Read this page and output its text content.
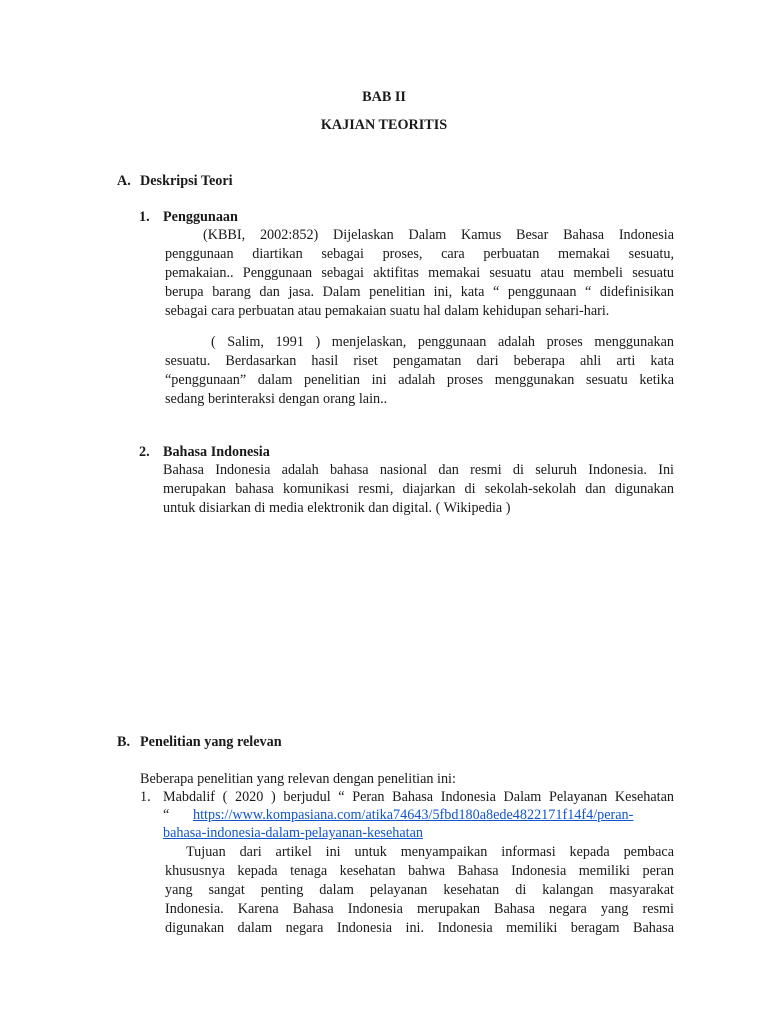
BAB II
KAJIAN TEORITIS
A. Deskripsi Teori
1. Penggunaan
(KBBI, 2002:852) Dijelaskan Dalam Kamus Besar Bahasa Indonesia
penggunaan diartikan sebagai proses, cara perbuatan memakai sesuatu,
pemakaian.. Penggunaan sebagai aktifitas memakai sesuatu atau membeli sesuatu
berupa barang dan jasa. Dalam penelitian ini, kata “ penggunaan “ didefinisikan
sebagai cara perbuatan atau pemakaian suatu hal dalam kehidupan sehari-hari.
( Salim, 1991 ) menjelaskan, penggunaan adalah proses menggunakan
sesuatu. Berdasarkan hasil riset pengamatan dari beberapa ahli arti kata
“penggunaan” dalam penelitian ini adalah proses menggunakan sesuatu ketika
sedang berinteraksi dengan orang lain..
2. Bahasa Indonesia
Bahasa Indonesia adalah bahasa nasional dan resmi di seluruh Indonesia. Ini
merupakan bahasa komunikasi resmi, diajarkan di sekolah-sekolah dan digunakan
untuk disiarkan di media elektronik dan digital. ( Wikipedia )
B. Penelitian yang relevan
Beberapa penelitian yang relevan dengan penelitian ini:
1. Mabdalif ( 2020 ) berjudul “ Peran Bahasa Indonesia Dalam Pelayanan Kesehatan
“ https://www.kompasiana.com/atika74643/5fbd180a8ede4822171f14f4/peran-
bahasa-indonesia-dalam-pelayanan-kesehatan
Tujuan dari artikel ini untuk menyampaikan informasi kepada pembaca
khususnya kepada tenaga kesehatan bahwa Bahasa Indonesia memiliki peran
yang sangat penting dalam pelayanan kesehatan di kalangan masyarakat
Indonesia. Karena Bahasa Indonesia merupakan Bahasa negara yang resmi
digunakan dalam negara Indonesia ini. Indonesia memiliki beragam Bahasa
